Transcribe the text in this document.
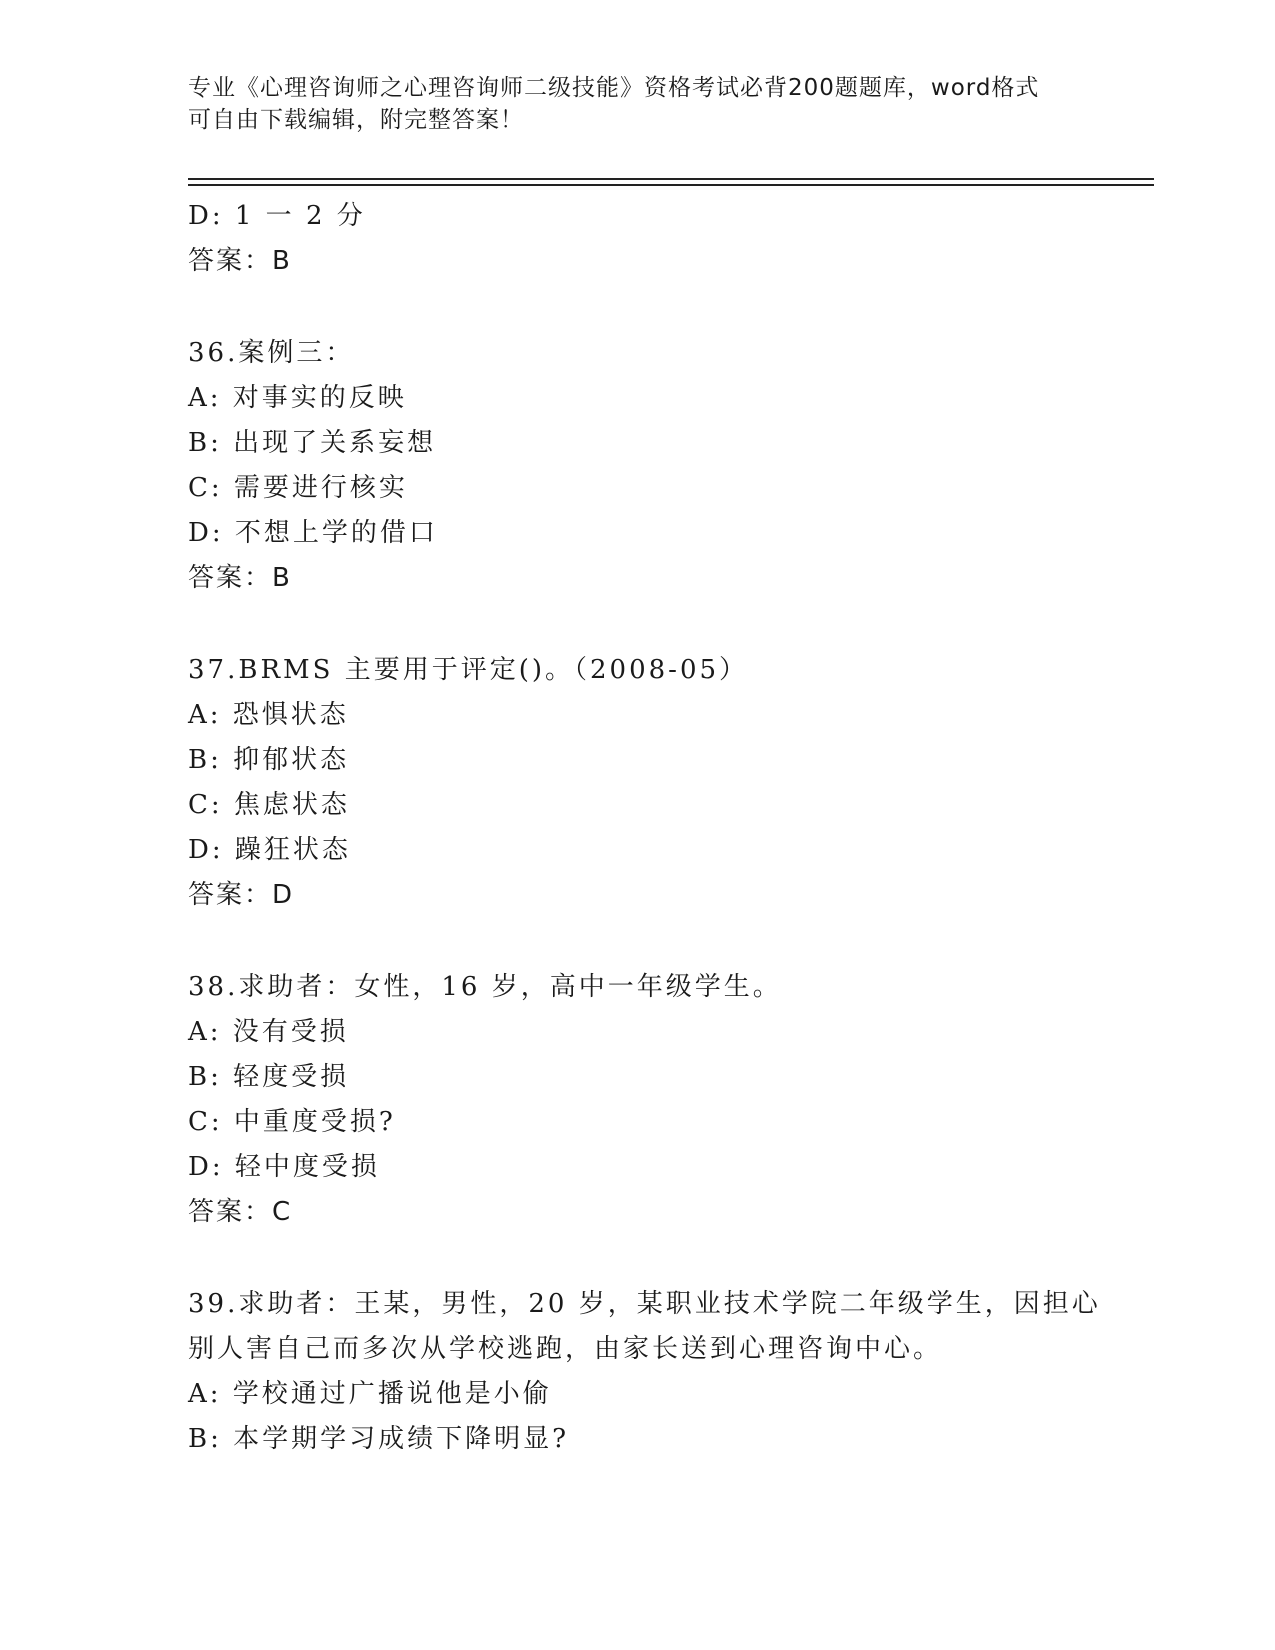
专业《心理咨询师之心理咨询师二级技能》资格考试必背200题题库，word格式
可自由下载编辑，附完整答案！
D: 1 一 2 分
答案：B
36.案例三：
A: 对事实的反映
B: 出现了关系妄想
C: 需要进行核实
D: 不想上学的借口
答案：B
37.BRMS 主要用于评定()。（2008-05）
A: 恐惧状态
B: 抑郁状态
C: 焦虑状态
D: 躁狂状态
答案：D
38.求助者：女性，16 岁，高中一年级学生。
A: 没有受损
B: 轻度受损
C: 中重度受损?
D: 轻中度受损
答案：C
39.求助者：王某，男性，20 岁，某职业技术学院二年级学生，因担心
别人害自己而多次从学校逃跑，由家长送到心理咨询中心。
A: 学校通过广播说他是小偷
B: 本学期学习成绩下降明显?
